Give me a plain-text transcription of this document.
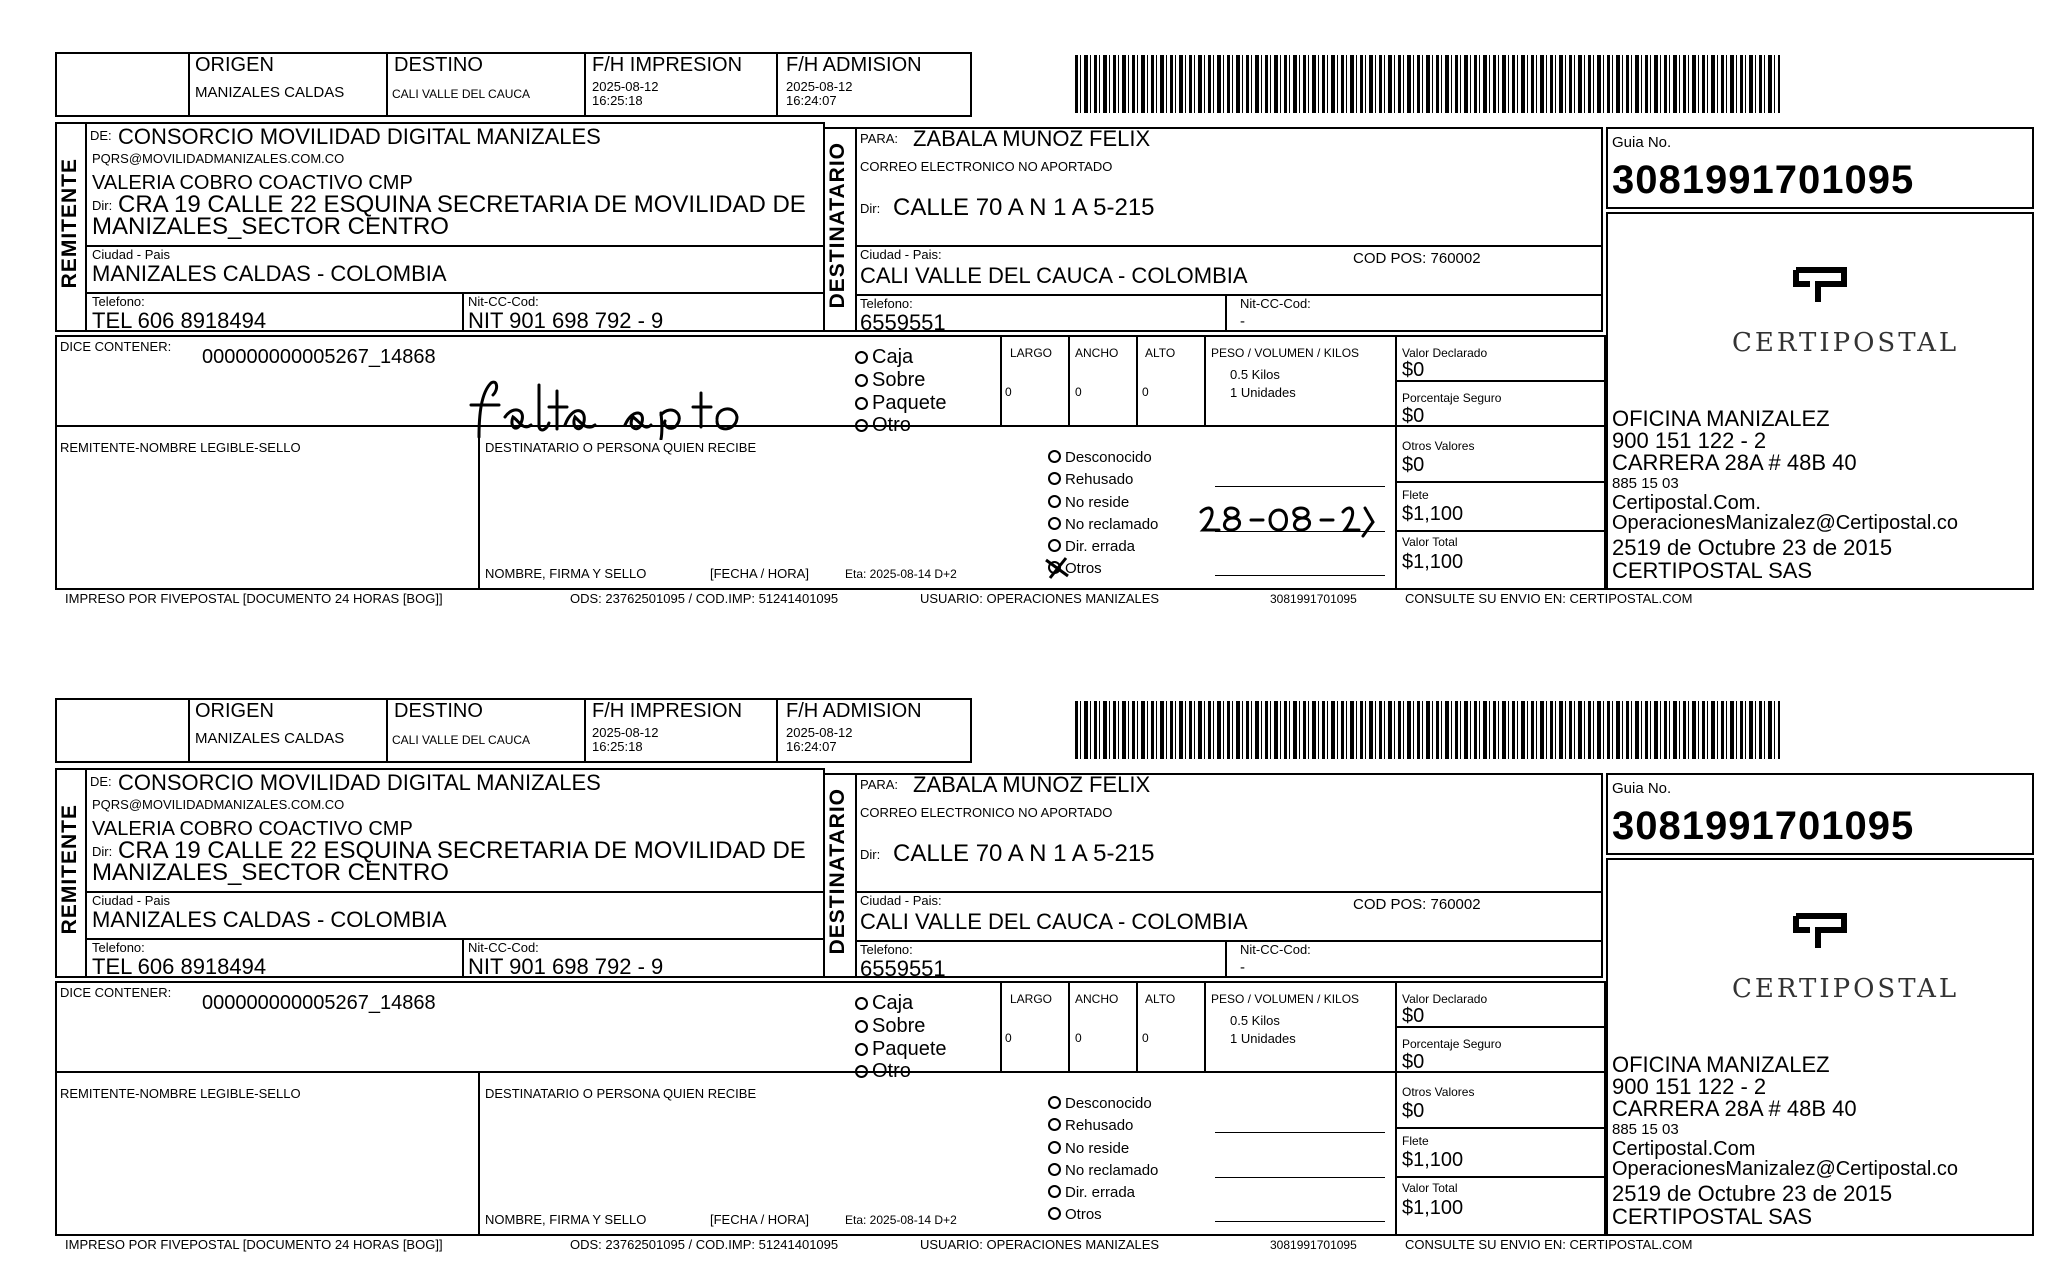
ORIGEN
MANIZALES CALDAS
DESTINO
CALI VALLE DEL CAUCA
F/H IMPRESION
2025-08-12
16:25:18
F/H ADMISION
2025-08-12
16:24:07
REMITENTE
DE: CONSORCIO MOVILIDAD DIGITAL MANIZALES
PQRS@MOVILIDADMANIZALES.COM.CO
VALERIA COBRO COACTIVO CMP
Dir: CRA 19 CALLE 22 ESQUINA SECRETARIA DE MOVILIDAD DE
MANIZALES_SECTOR CENTRO
Ciudad - Pais
MANIZALES CALDAS - COLOMBIA
Telefono:
TEL 606 8918494
Nit-CC-Cod:
NIT 901 698 792 - 9
DESTINATARIO
PARA: ZABALA MUNOZ FELIX
CORREO ELECTRONICO NO APORTADO
Dir: CALLE 70 A N 1 A 5-215
Ciudad - Pais:
CALI VALLE DEL CAUCA - COLOMBIA
COD POS: 760002
Telefono:
6559551
Nit-CC-Cod:
-
Guia No.
3081991701095
CERTIPOSTAL
OFICINA MANIZALEZ
900 151 122 - 2
CARRERA 28A # 48B 40
885 15 03
Certipostal.Com.
OperacionesManizalez@Certipostal.co
2519 de Octubre 23 de 2015
CERTIPOSTAL SAS
DICE CONTENER: 000000000005267_14868	Caja
Sobre
Paquete
Otro
LARGO ANCHO ALTO
0	0	0
PESO / VOLUMEN / KILOS
0.5 Kilos
1 Unidades
Valor Declarado
$0
Porcentaje Seguro
$0
REMITENTE-NOMBRE LEGIBLE-SELLO	DESTINATARIO O PERSONA QUIEN RECIBE
NOMBRE, FIRMA Y SELLO	[FECHA / HORA]	Eta: 2025-08-14 D+2
Desconocido
Rehusado
No reside
No reclamado
Dir. errada
Otros
Otros Valores
$0
Flete
$1,100
Valor Total
$1,100
IMPRESO POR FIVEPOSTAL [DOCUMENTO 24 HORAS [BOG]]	ODS: 23762501095 / COD.IMP: 51241401095	USUARIO: OPERACIONES MANIZALES	3081991701095	CONSULTE SU ENVIO EN: CERTIPOSTAL.COM
ORIGEN
MANIZALES CALDAS
DESTINO
CALI VALLE DEL CAUCA
F/H IMPRESION
2025-08-12
16:25:18
F/H ADMISION
2025-08-12
16:24:07
REMITENTE
DE: CONSORCIO MOVILIDAD DIGITAL MANIZALES
PQRS@MOVILIDADMANIZALES.COM.CO
VALERIA COBRO COACTIVO CMP
Dir: CRA 19 CALLE 22 ESQUINA SECRETARIA DE MOVILIDAD DE
MANIZALES_SECTOR CENTRO
Ciudad - Pais
MANIZALES CALDAS - COLOMBIA
Telefono:
TEL 606 8918494
Nit-CC-Cod:
NIT 901 698 792 - 9
DESTINATARIO
PARA: ZABALA MUNOZ FELIX
CORREO ELECTRONICO NO APORTADO
Dir: CALLE 70 A N 1 A 5-215
Ciudad - Pais:
CALI VALLE DEL CAUCA - COLOMBIA
COD POS: 760002
Telefono:
6559551
Nit-CC-Cod:
-
Guia No.
3081991701095
CERTIPOSTAL
OFICINA MANIZALEZ
900 151 122 - 2
CARRERA 28A # 48B 40
885 15 03
Certipostal.Com
OperacionesManizalez@Certipostal.co
2519 de Octubre 23 de 2015
CERTIPOSTAL SAS
DICE CONTENER: 000000000005267_14868	Caja
Sobre
Paquete
Otro
LARGO ANCHO ALTO
0	0	0
PESO / VOLUMEN / KILOS
0.5 Kilos
1 Unidades
Valor Declarado
$0
Porcentaje Seguro
$0
REMITENTE-NOMBRE LEGIBLE-SELLO	DESTINATARIO O PERSONA QUIEN RECIBE
NOMBRE, FIRMA Y SELLO	[FECHA / HORA]	Eta: 2025-08-14 D+2
Desconocido
Rehusado
No reside
No reclamado
Dir. errada
Otros
Otros Valores
$0
Flete
$1,100
Valor Total
$1,100
IMPRESO POR FIVEPOSTAL [DOCUMENTO 24 HORAS [BOG]]	ODS: 23762501095 / COD.IMP: 51241401095	USUARIO: OPERACIONES MANIZALES	3081991701095	CONSULTE SU ENVIO EN: CERTIPOSTAL.COM
